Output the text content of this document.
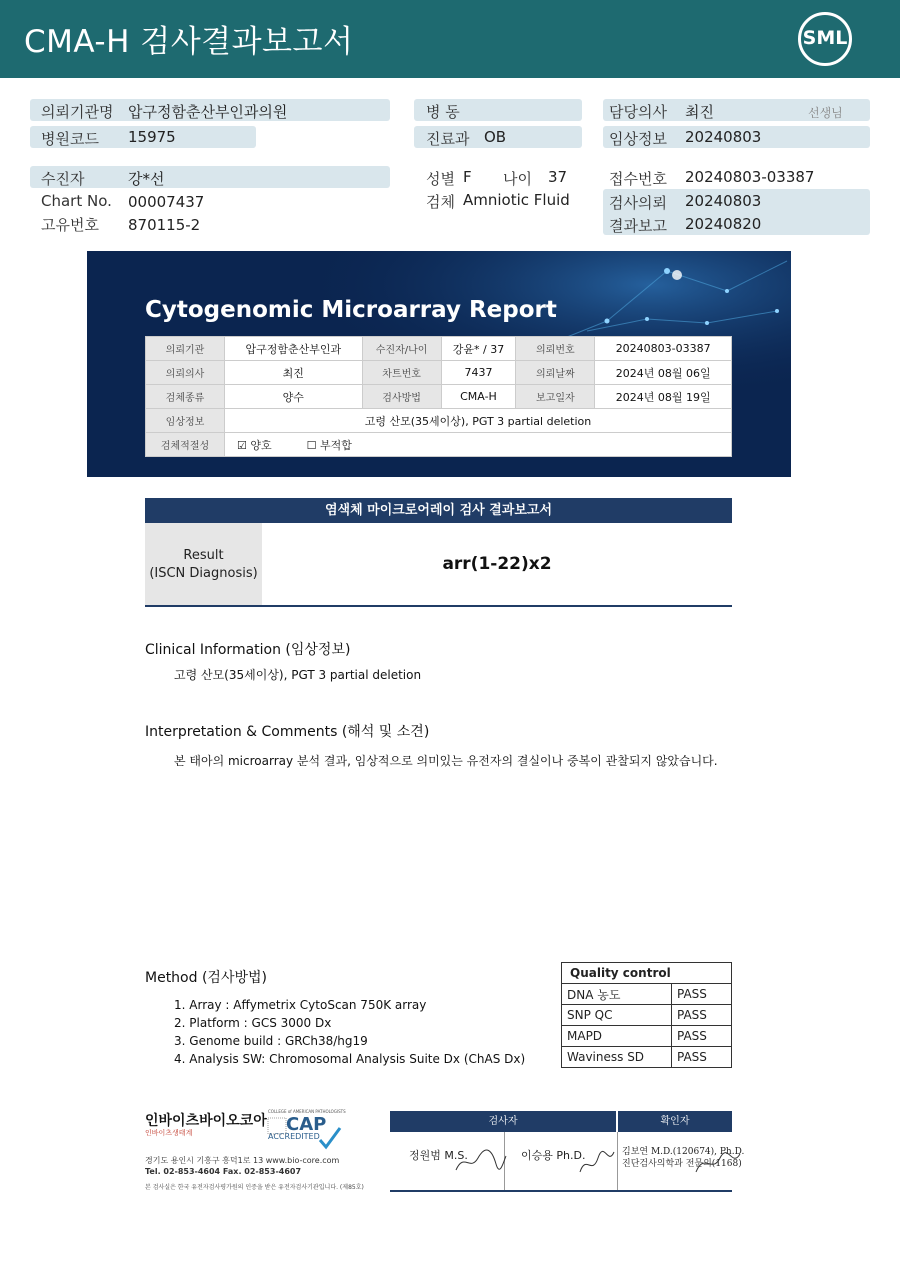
CMA-H 검사결과보고서	SML
의뢰기관명 압구정함춘산부인과의원
병원코드 15975
병 동
진료과 OB
담당의사 최진	선생님
임상정보 20240803
수진자	강*선
Chart No. 00007437
고유번호 870115-2
성별 F 나이 37
검체 Amniotic Fluid
접수번호 20240803-03387
검사의뢰 20240803
결과보고 20240820
Cytogenomic Microarray Report
의뢰기관	압구정함춘산부인과	수진자/나이	강윤* / 37	의뢰번호	20240803-03387
의뢰의사	최진	차트번호	7437	의뢰날짜	2024년 08월 06일
검체종류	양수	검사방법	CMA-H	보고일자	2024년 08월 19일
임상정보	고령 산모(35세이상), PGT 3 partial deletion				
검체적절성	☑ 양호 ☐ 부적합				
염색체 마이크로어레이 검사 결과보고서
Result
(ISCN Diagnosis)	arr(1-22)x2
Clinical Information (임상정보)
고령 산모(35세이상), PGT 3 partial deletion
Interpretation & Comments (해석 및 소견)
본 태아의 microarray 분석 결과, 임상적으로 의미있는 유전자의 결실이나 중복이 관찰되지 않았습니다.
Method (검사방법)
1. Array : Affymetrix CytoScan 750K array
2. Platform : GCS 3000 Dx
3. Genome build : GRCh38/hg19
4. Analysis SW: Chromosomal Analysis Suite Dx (ChAS Dx)
Quality control	
DNA 농도	PASS
SNP QC	PASS
MAPD	PASS
Waviness SD	PASS
인바이츠바이오코아
인바이츠생태계
COLLEGE of AMERICAN PATHOLOGISTS
CAP
ACCREDITED
경기도 용인시 기흥구 흥덕1로 13 www.bio-core.com
Tel. 02-853-4604 Fax. 02-853-4607
본 검사실은 한국 유전자검사평가원의 인증을 받은 유전자검사기관입니다. (제85호)
검사자	확인자
정원범 M.S.	이승용 Ph.D.	김보연 M.D.(120674), Ph.D.
진단검사의학과 전문의(1168)
